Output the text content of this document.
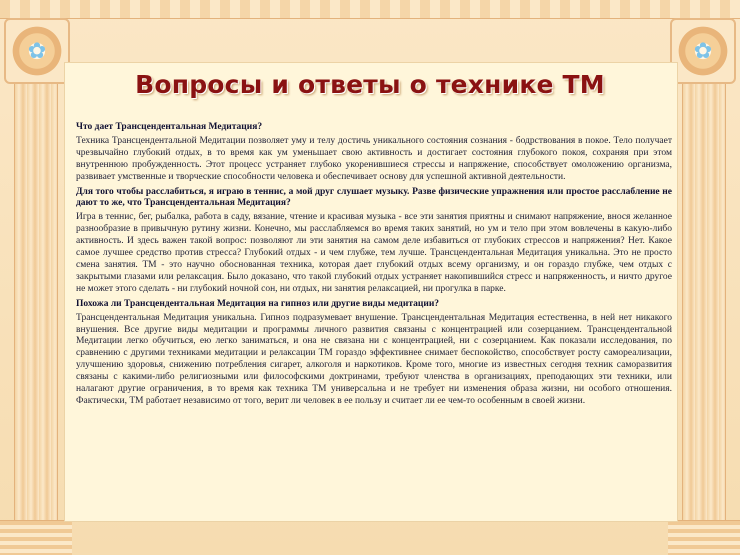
✿	✿
Вопросы и ответы о технике ТМ
Что дает Трансцендентальная Медитация?
Техника Трансцендентальной Медитации позволяет уму и телу достичь уникального состояния сознания - бодрствования в покое. Тело получает чрезвычайно глубокий отдых, в то время как ум уменьшает свою активность и достигает состояния глубокого покоя, сохраняя при этом внутреннюю пробужденность. Этот процесс устраняет глубоко укоренившиеся стрессы и напряжение, способствует омоложению организма, развивает умственные и творческие способности человека и обеспечивает основу для успешной активной деятельности.
Для того чтобы расслабиться, я играю в теннис, а мой друг слушает музыку. Разве физические упражнения или простое расслабление не дают то же, что Трансцендентальная Медитация?
Игра в теннис, бег, рыбалка, работа в саду, вязание, чтение и красивая музыка - все эти занятия приятны и снимают напряжение, внося желанное разнообразие в привычную рутину жизни. Конечно, мы расслабляемся во время таких занятий, но ум и тело при этом вовлечены в какую-либо активность. И здесь важен такой вопрос: позволяют ли эти занятия на самом деле избавиться от глубоких стрессов и напряжения? Нет. Какое самое лучшее средство против стресса? Глубокий отдых - и чем глубже, тем лучше. Трансцендентальная Медитация уникальна. Это не просто смена занятия. ТМ - это научно обоснованная техника, которая дает глубокий отдых всему организму, и он гораздо глубже, чем отдых с закрытыми глазами или релаксация. Было доказано, что такой глубокий отдых устраняет накопившийся стресс и напряженность, и ничто другое не может этого сделать - ни глубокий ночной сон, ни отдых, ни занятия релаксацией, ни прогулка в парке.
Похожа ли Трансцендентальная Медитация на гипноз или другие виды медитации?
Трансцендентальная Медитация уникальна. Гипноз подразумевает внушение. Трансцендентальная Медитация естественна, в ней нет никакого внушения. Все другие виды медитации и программы личного развития связаны с концентрацией или созерцанием. Трансцендентальной Медитации легко обучиться, ею легко заниматься, и она не связана ни с концентрацией, ни с созерцанием. Как показали исследования, по сравнению с другими техниками медитации и релаксации ТМ гораздо эффективнее снимает беспокойство, способствует росту самореализации, улучшению здоровья, снижению потребления сигарет, алкоголя и наркотиков. Кроме того, многие из известных сегодня техник саморазвития связаны с какими-либо религиозными или философскими доктринами, требуют членства в организациях, преподающих эти техники, или налагают другие ограничения, в то время как техника ТМ универсальна и не требует ни изменения образа жизни, ни особого отношения. Фактически, ТМ работает независимо от того, верит ли человек в ее пользу и считает ли ее чем-то особенным в своей жизни.
